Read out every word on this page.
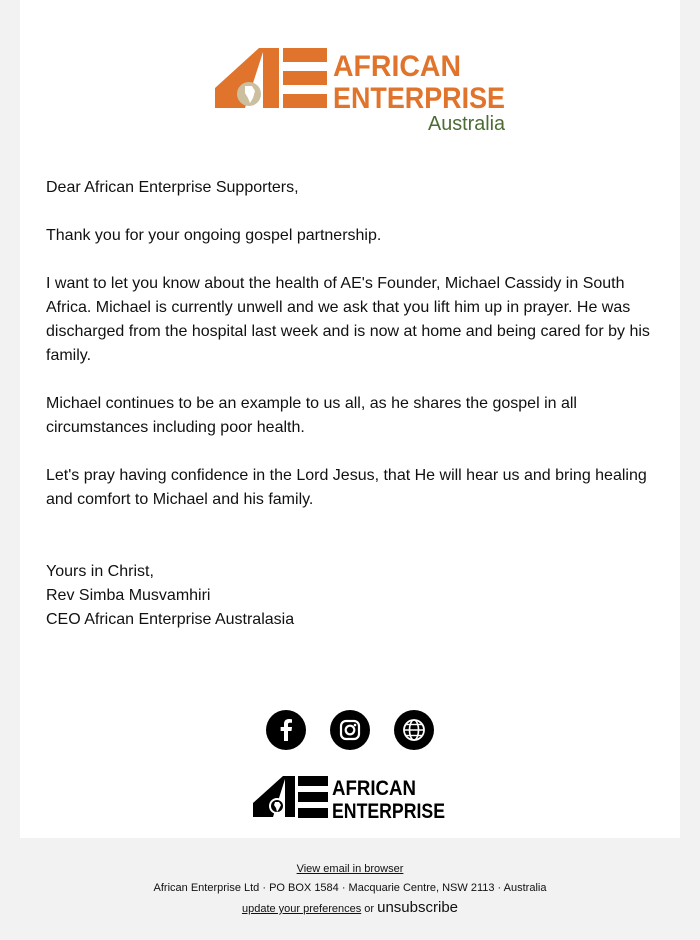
AFRICAN
ENTERPRISE
Australia

Dear African Enterprise Supporters,

Thank you for your ongoing gospel partnership.

I want to let you know about the health of AE's Founder, Michael Cassidy in South Africa. Michael is currently unwell and we ask that you lift him up in prayer. He was discharged from the hospital last week and is now at home and being cared for by his family.

Michael continues to be an example to us all, as he shares the gospel in all circumstances including poor health.

Let's pray having confidence in the Lord Jesus, that He will hear us and bring healing and comfort to Michael and his family.

Yours in Christ,
Rev Simba Musvamhiri
CEO African Enterprise Australasia
AFRICAN
ENTERPRISE
View email in browser
African Enterprise Ltd · PO BOX 1584 · Macquarie Centre, NSW 2113 · Australia
update your preferences or unsubscribe
